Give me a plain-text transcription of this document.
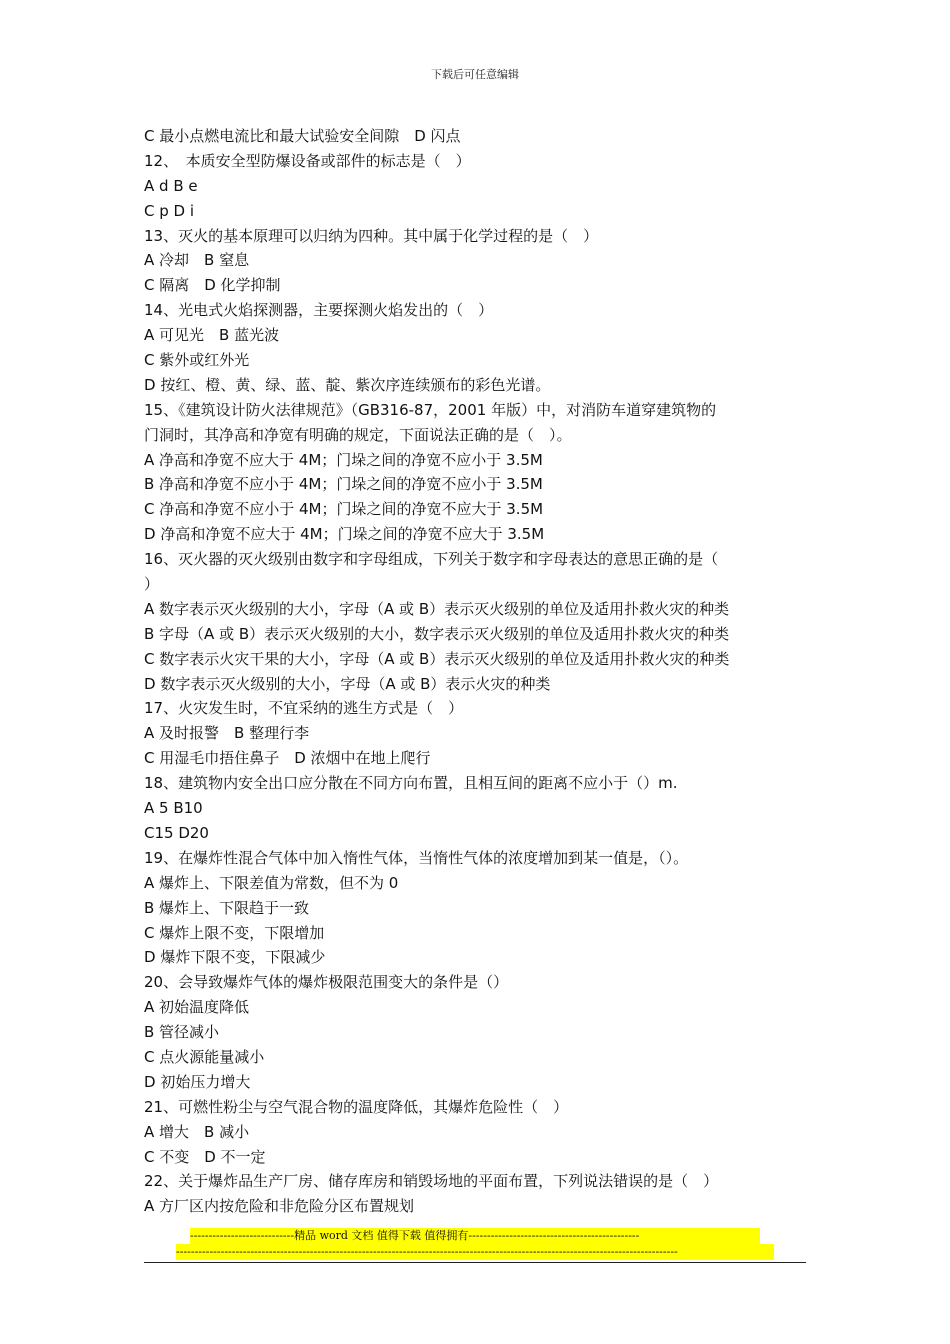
下载后可任意编辑
C 最小点燃电流比和最大试验安全间隙　D 闪点
12、　本质安全型防爆设备或部件的标志是（　）
A d B e
C p D i
13、灭火的基本原理可以归纳为四种。其中属于化学过程的是（　）
A 冷却　B 窒息
C 隔离　D 化学抑制
14、光电式火焰探测器，主要探测火焰发出的（　）
A 可见光　B 蓝光波
C 紫外或红外光
D 按红、橙、黄、绿、蓝、靛、紫次序连续颁布的彩色光谱。
15、《建筑设计防火法律规范》（GB316-87，2001 年版）中，对消防车道穿建筑物的
门洞时，其净高和净宽有明确的规定，下面说法正确的是（　）。
A 净高和净宽不应大于 4M；门垛之间的净宽不应小于 3.5M
B 净高和净宽不应小于 4M；门垛之间的净宽不应小于 3.5M
C 净高和净宽不应小于 4M；门垛之间的净宽不应大于 3.5M
D 净高和净宽不应大于 4M；门垛之间的净宽不应大于 3.5M
16、灭火器的灭火级别由数字和字母组成，下列关于数字和字母表达的意思正确的是（
）
A 数字表示灭火级别的大小，字母（A 或 B）表示灭火级别的单位及适用扑救火灾的种类
B 字母（A 或 B）表示灭火级别的大小，数字表示灭火级别的单位及适用扑救火灾的种类
C 数字表示火灾干果的大小，字母（A 或 B）表示灭火级别的单位及适用扑救火灾的种类
D 数字表示灭火级别的大小，字母（A 或 B）表示火灾的种类
17、火灾发生时，不宜采纳的逃生方式是（　）
A 及时报警　B 整理行李
C 用湿毛巾捂住鼻子　D 浓烟中在地上爬行
18、建筑物内安全出口应分散在不同方向布置，且相互间的距离不应小于（）m.
A 5 B10
C15 D20
19、在爆炸性混合气体中加入惰性气体，当惰性气体的浓度增加到某一值是，（）。
A 爆炸上、下限差值为常数，但不为 0
B 爆炸上、下限趋于一致
C 爆炸上限不变，下限增加
D 爆炸下限不变，下限减少
20、会导致爆炸气体的爆炸极限范围变大的条件是（）
A 初始温度降低
B 管径减小
C 点火源能量减小
D 初始压力增大
21、可燃性粉尘与空气混合物的温度降低，其爆炸危险性（　）
A 增大　B 减小
C 不变　D 不一定
22、关于爆炸品生产厂房、储存库房和销毁场地的平面布置，下列说法错误的是（　）
A 方厂区内按危险和非危险分区布置规划
----------------------------精品 word 文档 值得下载 值得拥有----------------------------------------------
---------------------------------------------------------------------------------------------------------------------------------------
